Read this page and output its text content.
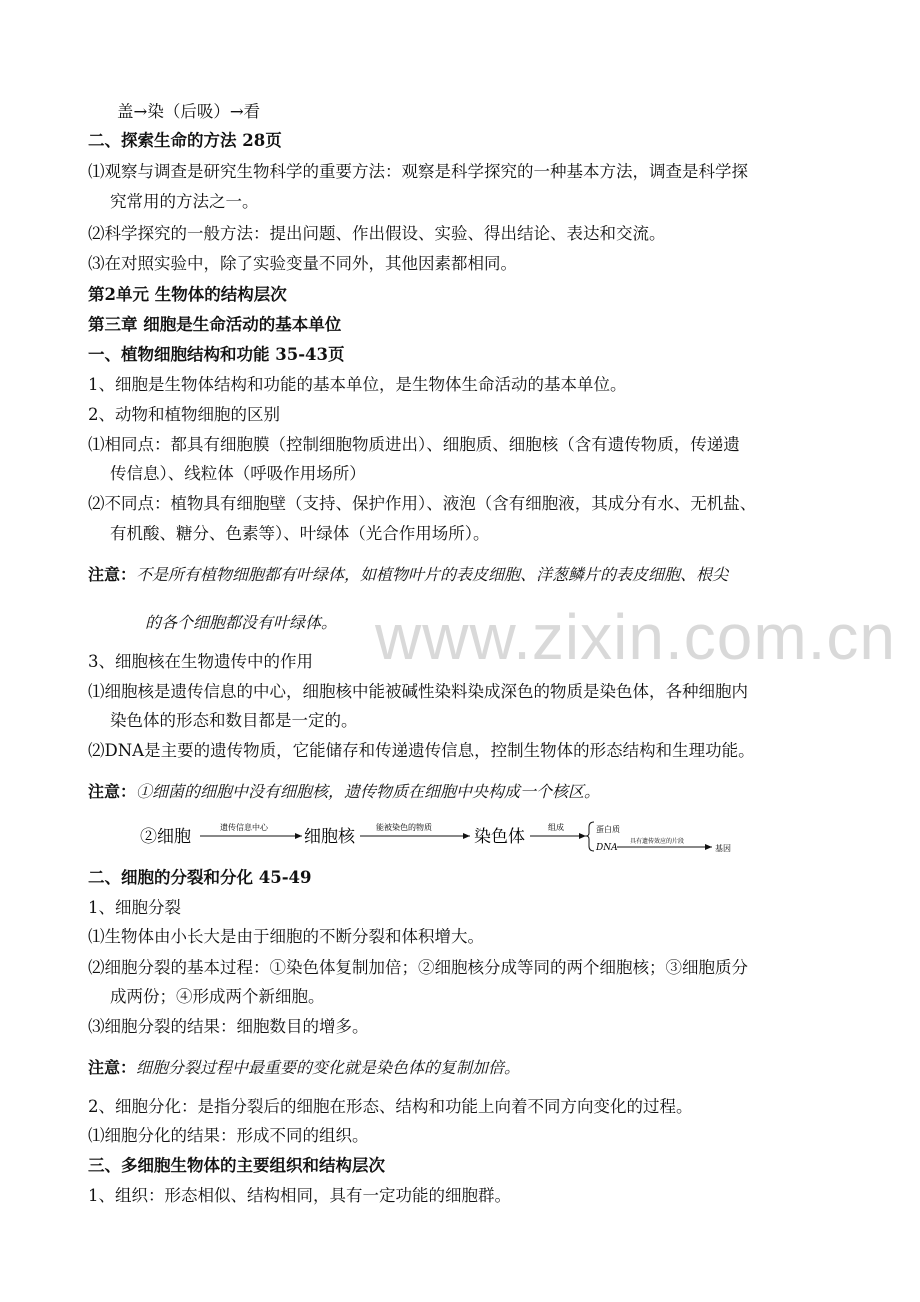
www.zixin.com.cn
盖→染（后吸）→看
二、探索生命的方法 28页
⑴观察与调查是研究生物科学的重要方法：观察是科学探究的一种基本方法，调查是科学探
究常用的方法之一。
⑵科学探究的一般方法：提出问题、作出假设、实验、得出结论、表达和交流。
⑶在对照实验中，除了实验变量不同外，其他因素都相同。
第2单元 生物体的结构层次
第三章 细胞是生命活动的基本单位
一、植物细胞结构和功能 35-43页
1、细胞是生物体结构和功能的基本单位，是生物体生命活动的基本单位。
2、动物和植物细胞的区别
⑴相同点：都具有细胞膜（控制细胞物质进出）、细胞质、细胞核（含有遗传物质，传递遗
传信息）、线粒体（呼吸作用场所）
⑵不同点：植物具有细胞壁（支持、保护作用）、液泡（含有细胞液，其成分有水、无机盐、
有机酸、糖分、色素等）、叶绿体（光合作用场所）。
注意：不是所有植物细胞都有叶绿体，如植物叶片的表皮细胞、洋葱鳞片的表皮细胞、根尖
的各个细胞都没有叶绿体。
3、细胞核在生物遗传中的作用
⑴细胞核是遗传信息的中心，细胞核中能被碱性染料染成深色的物质是染色体，各种细胞内
染色体的形态和数目都是一定的。
⑵DNA是主要的遗传物质，它能储存和传递遗传信息，控制生物体的形态结构和生理功能。
注意：①细菌的细胞中没有细胞核，遗传物质在细胞中央构成一个核区。
②细胞	遗传信息中心 细胞核	能被染色的物质 染色体	组成	蛋白质
DNA
具有遗传效应的片段
基因
二、细胞的分裂和分化 45-49
1、细胞分裂
⑴生物体由小长大是由于细胞的不断分裂和体积增大。
⑵细胞分裂的基本过程：①染色体复制加倍；②细胞核分成等同的两个细胞核；③细胞质分
成两份；④形成两个新细胞。
⑶细胞分裂的结果：细胞数目的增多。
注意：细胞分裂过程中最重要的变化就是染色体的复制加倍。
2、细胞分化：是指分裂后的细胞在形态、结构和功能上向着不同方向变化的过程。
⑴细胞分化的结果：形成不同的组织。
三、多细胞生物体的主要组织和结构层次
1、组织：形态相似、结构相同，具有一定功能的细胞群。
